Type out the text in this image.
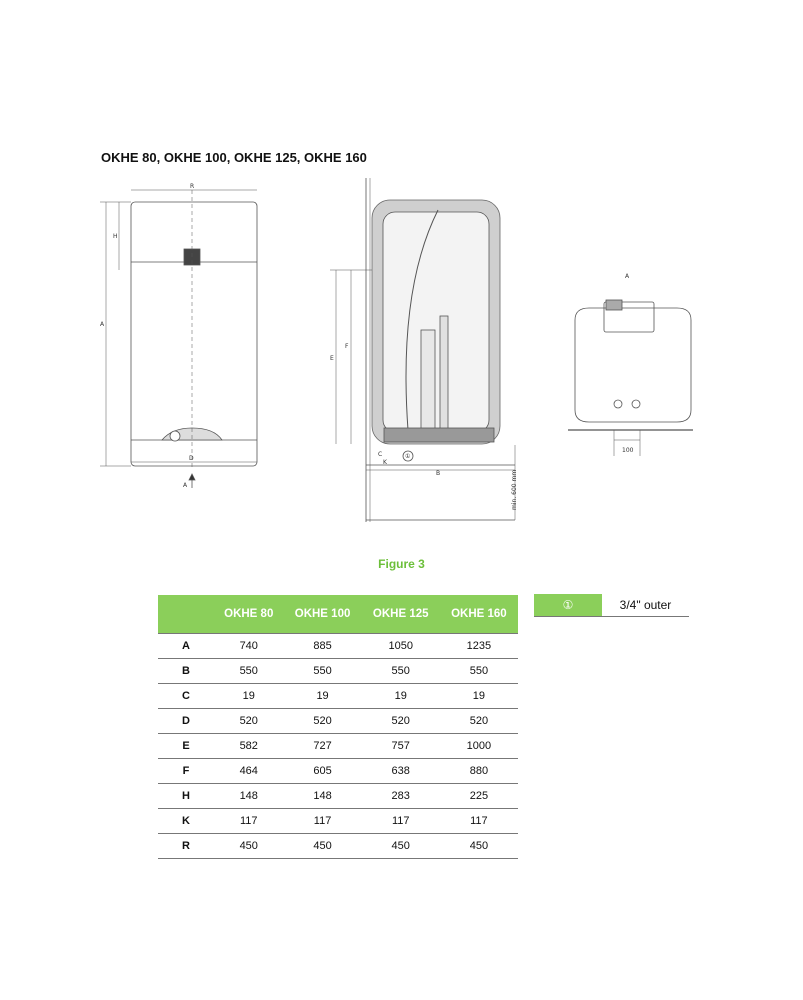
OKHE 80, OKHE 100, OKHE 125, OKHE 160
R
H
A
D
A
F
E
C
K
B
①
min. 600 mm
A
100
Figure 3
	OKHE 80	OKHE 100	OKHE 125	OKHE 160
A	740	885	1050	1235
B	550	550	550	550
C	19	19	19	19
D	520	520	520	520
E	582	727	757	1000
F	464	605	638	880
H	148	148	283	225
K	117	117	117	117
R	450	450	450	450
①	3/4" outer
